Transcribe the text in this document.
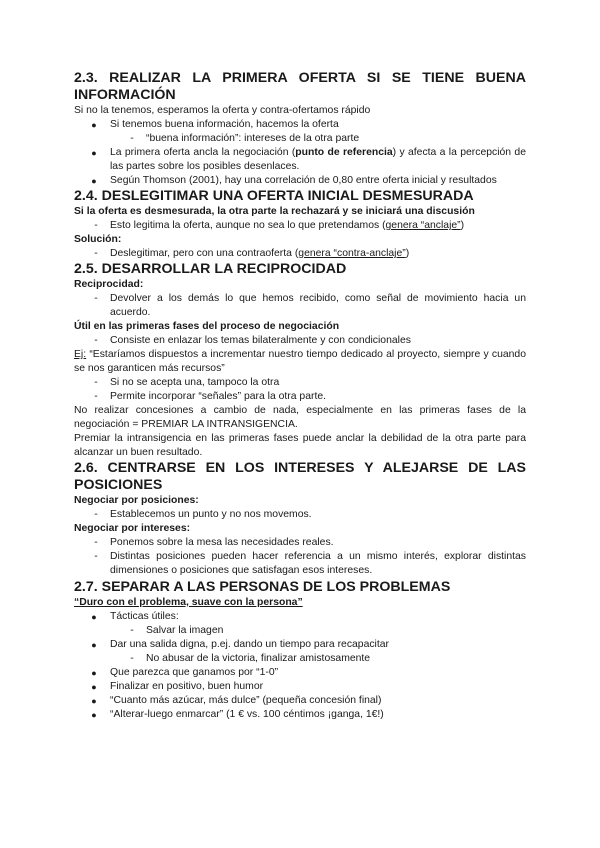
2.3. REALIZAR LA PRIMERA OFERTA SI SE TIENE BUENA
INFORMACIÓN

Si no la tenemos, esperamos la oferta y contra-ofertamos rápido

●	Si tenemos buena información, hacemos la oferta
-	“buena información”: intereses de la otra parte
●	La primera oferta ancla la negociación (punto de referencia) y afecta a la percepción de las partes sobre los posibles desenlaces.
●	Según Thomson (2001), hay una correlación de 0,80 entre oferta inicial y resultados
2.4. DESLEGITIMAR UNA OFERTA INICIAL DESMESURADA

Si la oferta es desmesurada, la otra parte la rechazará y se iniciará una discusión

-	Esto legitima la oferta, aunque no sea lo que pretendamos (genera “anclaje”)

Solución:

-	Deslegitimar, pero con una contraoferta (genera “contra-anclaje”)
2.5. DESARROLLAR LA RECIPROCIDAD

Reciprocidad:

-	Devolver a los demás lo que hemos recibido, como señal de movimiento hacia un acuerdo.

Útil en las primeras fases del proceso de negociación

-	Consiste en enlazar los temas bilateralmente y con condicionales

Ej: “Estaríamos dispuestos a incrementar nuestro tiempo dedicado al proyecto, siempre y cuando se nos garanticen más recursos”

-	Si no se acepta una, tampoco la otra
-	Permite incorporar “señales” para la otra parte.

No realizar concesiones a cambio de nada, especialmente en las primeras fases de la negociación = PREMIAR LA INTRANSIGENCIA.

Premiar la intransigencia en las primeras fases puede anclar la debilidad de la otra parte para alcanzar un buen resultado.

2.6. CENTRARSE EN LOS INTERESES Y ALEJARSE DE LAS
POSICIONES

Negociar por posiciones:

-	Establecemos un punto y no nos movemos.

Negociar por intereses:

-	Ponemos sobre la mesa las necesidades reales.
-	Distintas posiciones pueden hacer referencia a un mismo interés, explorar distintas dimensiones o posiciones que satisfagan esos intereses.
2.7. SEPARAR A LAS PERSONAS DE LOS PROBLEMAS

“Duro con el problema, suave con la persona”

●	Tácticas útiles:
-	Salvar la imagen
●	Dar una salida digna, p.ej. dando un tiempo para recapacitar
-	No abusar de la victoria, finalizar amistosamente
●	Que parezca que ganamos por “1-0”
●	Finalizar en positivo, buen humor
●	“Cuanto más azúcar, más dulce” (pequeña concesión final)
●	“Alterar-luego enmarcar” (1 € vs. 100 céntimos ¡ganga, 1€!)
